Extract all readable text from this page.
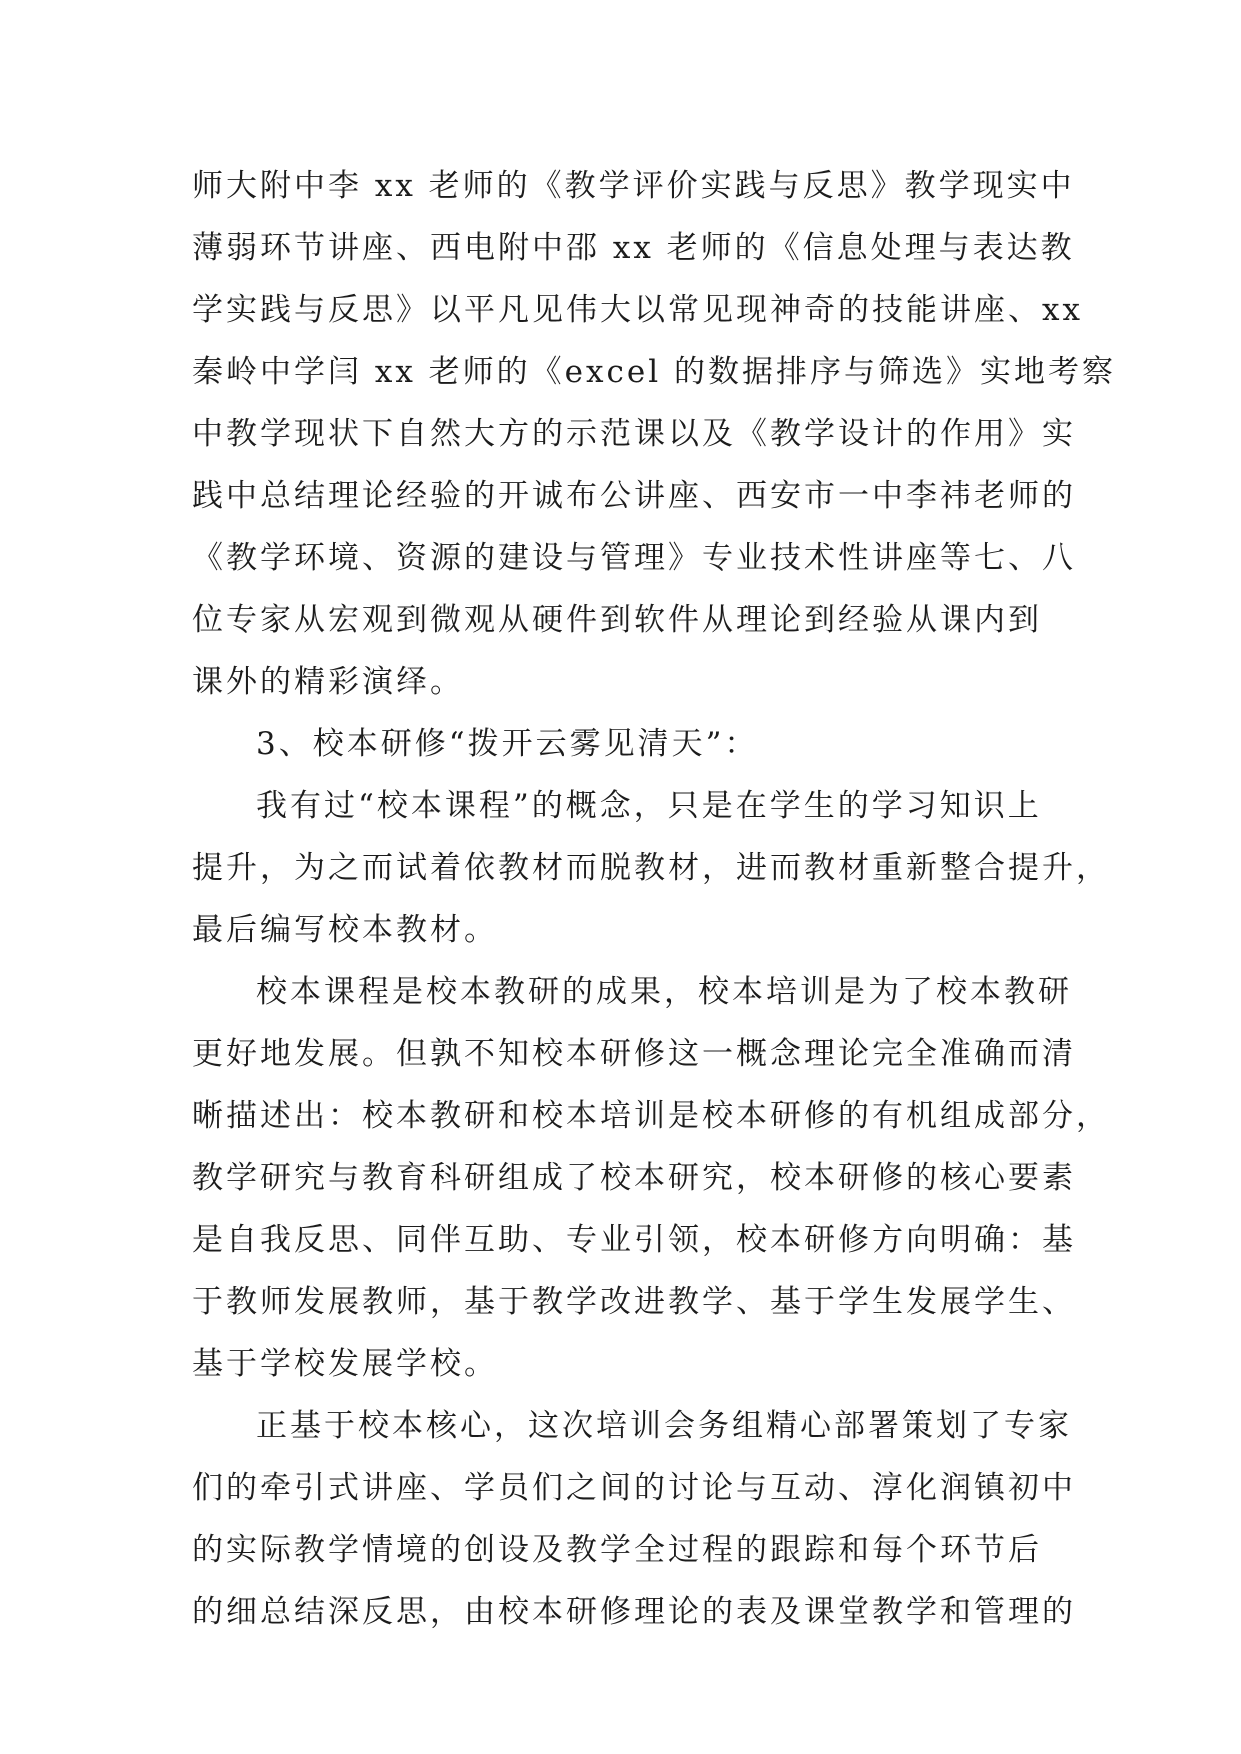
师大附中李 xx 老师的《教学评价实践与反思》教学现实中
薄弱环节讲座、西电附中邵 xx 老师的《信息处理与表达教
学实践与反思》以平凡见伟大以常见现神奇的技能讲座、xx
秦岭中学闫 xx 老师的《excel 的数据排序与筛选》实地考察
中教学现状下自然大方的示范课以及《教学设计的作用》实
践中总结理论经验的开诚布公讲座、西安市一中李祎老师的
《教学环境、资源的建设与管理》专业技术性讲座等七、八
位专家从宏观到微观从硬件到软件从理论到经验从课内到
课外的精彩演绎。
3、校本研修“拨开云雾见清天”：
我有过“校本课程”的概念，只是在学生的学习知识上
提升，为之而试着依教材而脱教材，进而教材重新整合提升，
最后编写校本教材。
校本课程是校本教研的成果，校本培训是为了校本教研
更好地发展。但孰不知校本研修这一概念理论完全准确而清
晰描述出：校本教研和校本培训是校本研修的有机组成部分，
教学研究与教育科研组成了校本研究，校本研修的核心要素
是自我反思、同伴互助、专业引领，校本研修方向明确：基
于教师发展教师，基于教学改进教学、基于学生发展学生、
基于学校发展学校。
正基于校本核心，这次培训会务组精心部署策划了专家
们的牵引式讲座、学员们之间的讨论与互动、淳化润镇初中
的实际教学情境的创设及教学全过程的跟踪和每个环节后
的细总结深反思，由校本研修理论的表及课堂教学和管理的
